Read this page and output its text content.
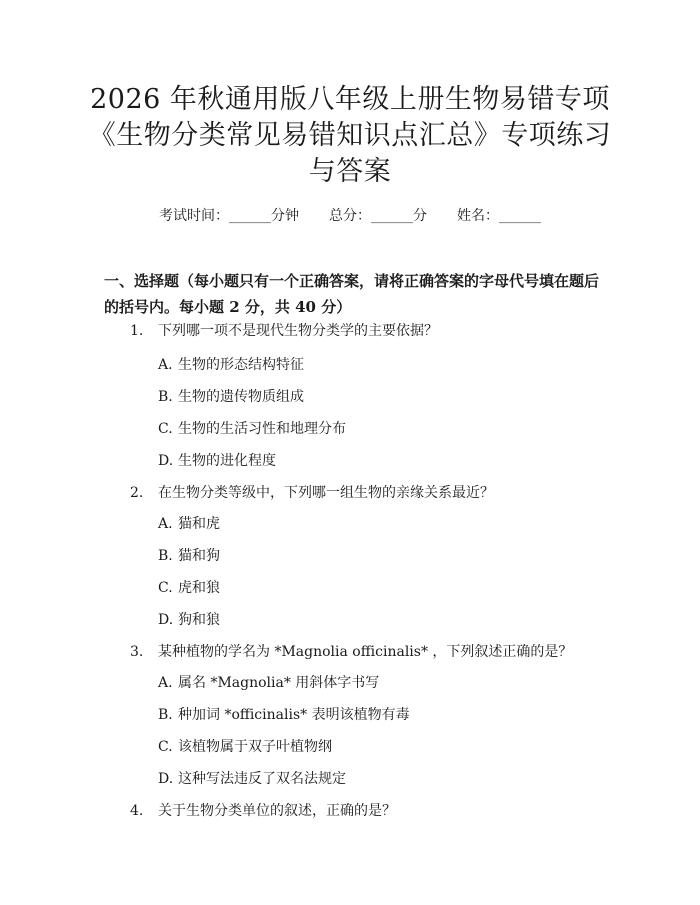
2026 年秋通用版八年级上册生物易错专项
《生物分类常见易错知识点汇总》专项练习
与答案
考试时间：______分钟 总分：______分 姓名：______
一、选择题（每小题只有一个正确答案，请将正确答案的字母代号填在题后的括号内。每小题 2 分，共 40 分）
1. 下列哪一项不是现代生物分类学的主要依据？
A. 生物的形态结构特征
B. 生物的遗传物质组成
C. 生物的生活习性和地理分布
D. 生物的进化程度
2. 在生物分类等级中，下列哪一组生物的亲缘关系最近？
A. 猫和虎
B. 猫和狗
C. 虎和狼
D. 狗和狼
3. 某种植物的学名为 *Magnolia officinalis* ，下列叙述正确的是？
A. 属名 *Magnolia* 用斜体字书写
B. 种加词 *officinalis* 表明该植物有毒
C. 该植物属于双子叶植物纲
D. 这种写法违反了双名法规定
4. 关于生物分类单位的叙述，正确的是？
